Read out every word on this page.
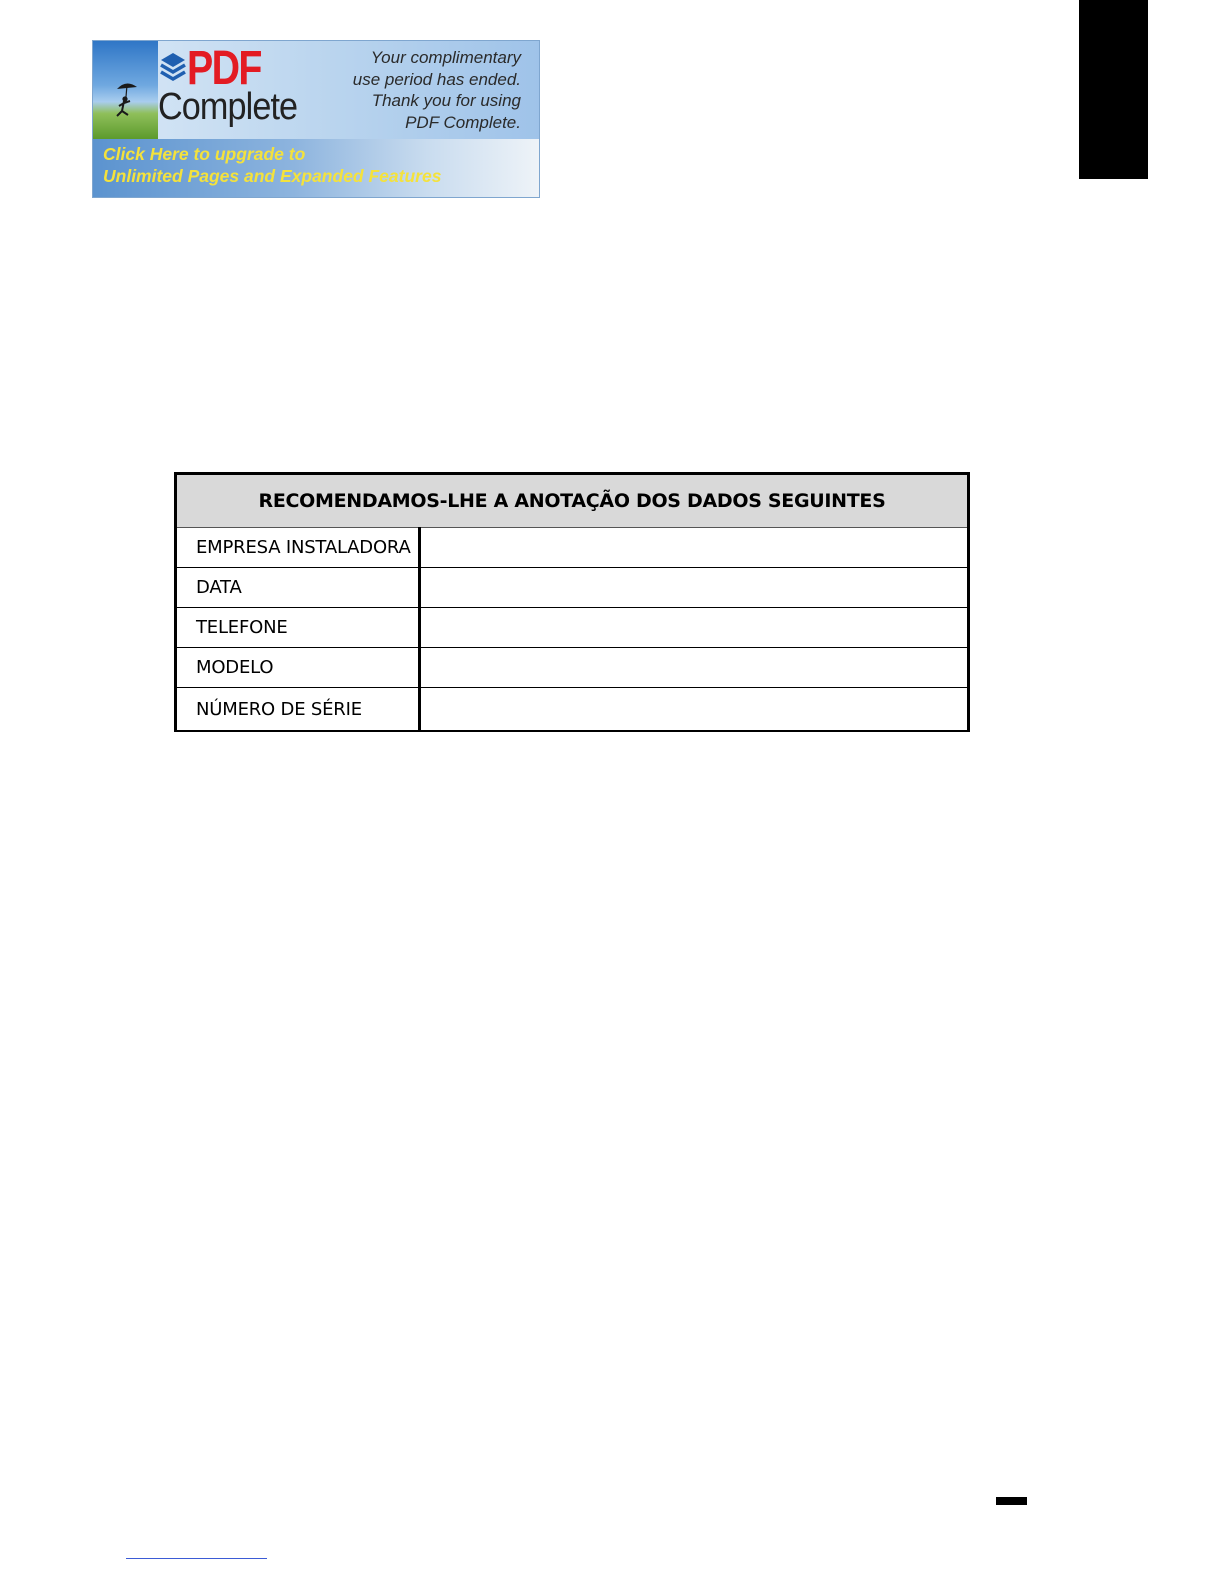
PDF
Complete
Your complimentary
use period has ended.
Thank you for using
PDF Complete.
Click Here to upgrade to
Unlimited Pages and Expanded Features
RECOMENDAMOS-LHE A ANOTAÇÃO DOS DADOS SEGUINTES	
EMPRESA INSTALADORA	
DATA	
TELEFONE	
MODELO	
NÚMERO DE SÉRIE	
